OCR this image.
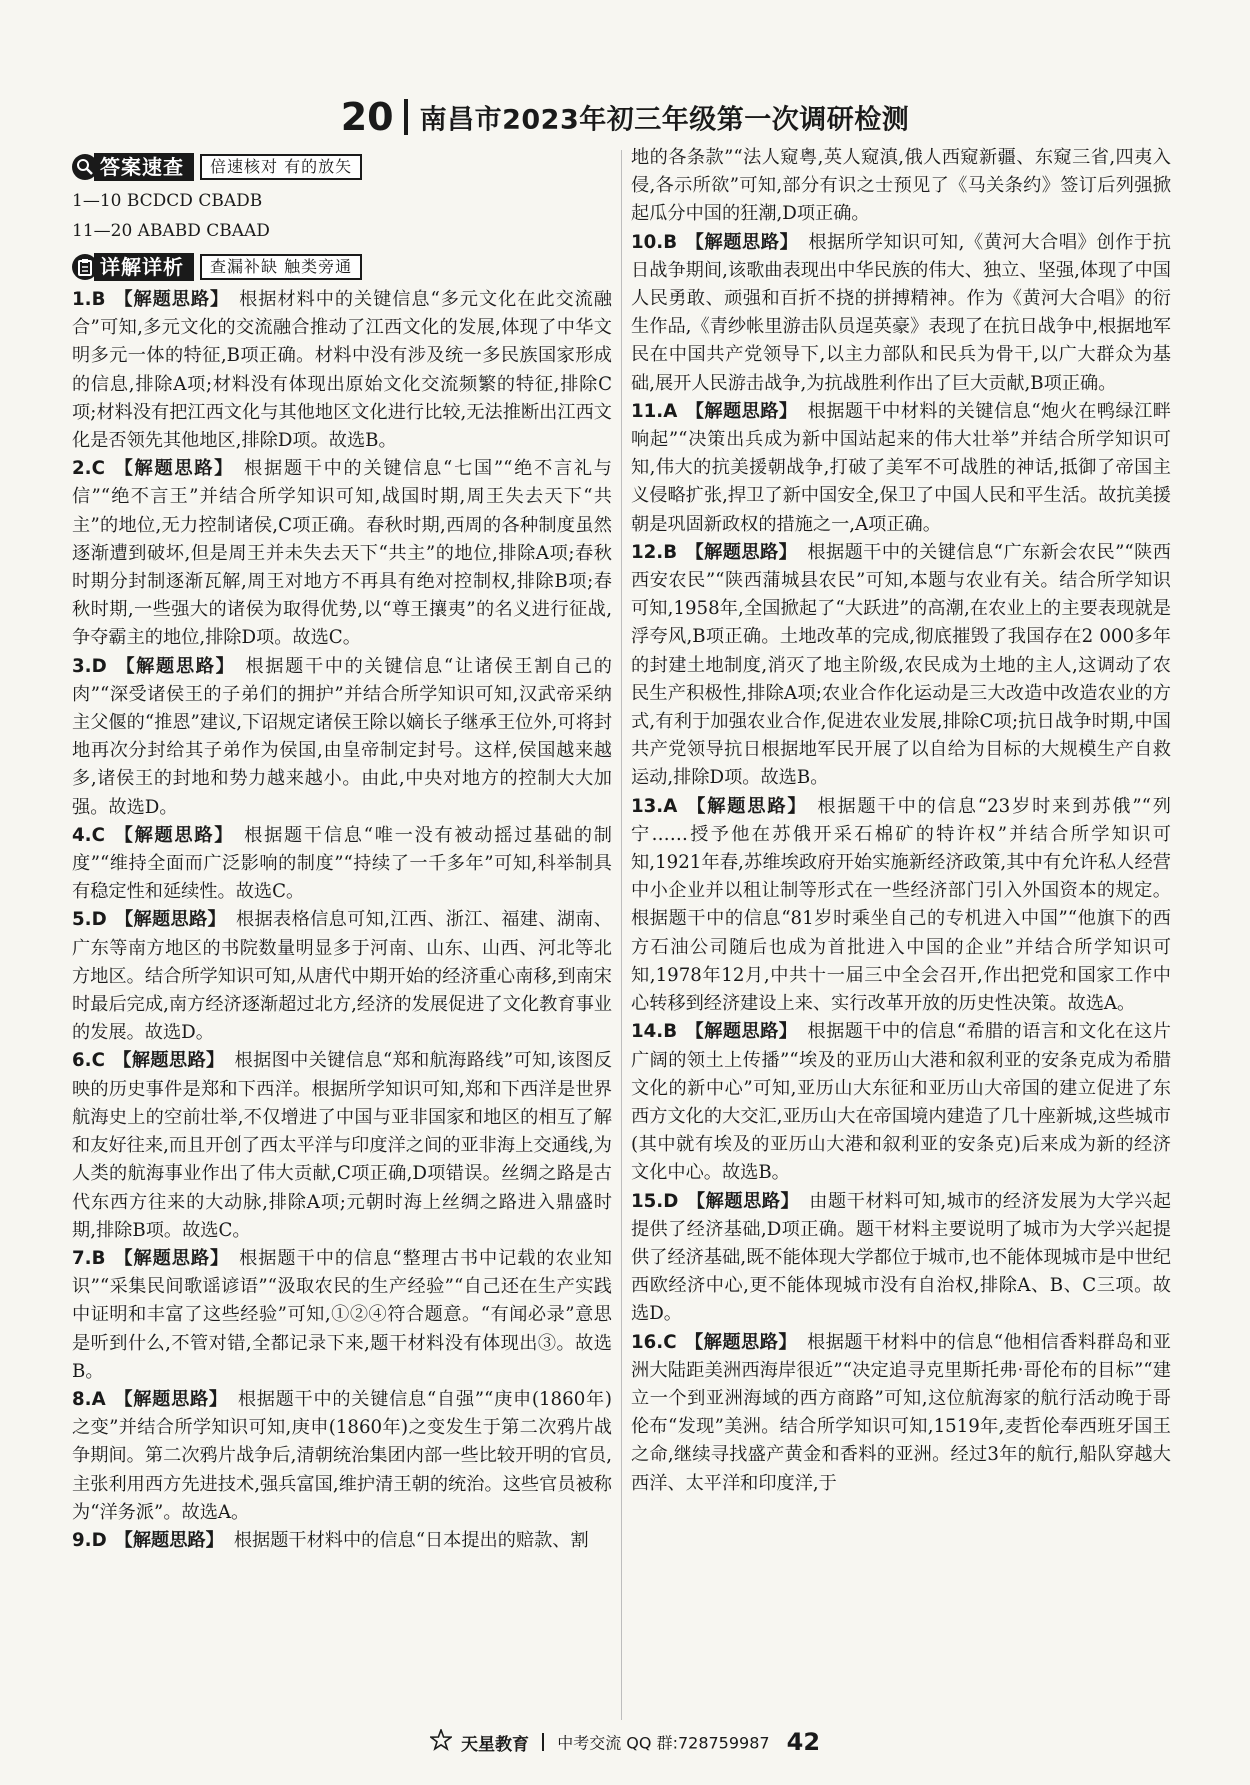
20 南昌市2023年初三年级第一次调研检测
答案速查	倍速核对 有的放矢

1—10 BCDCD CBADB

11—20 ABABD CBAAD

详解详析	查漏补缺 触类旁通

1.B 【解题思路】 根据材料中的关键信息“多元文化在此交流融合”可知,多元文化的交流融合推动了江西文化的发展,体现了中华文明多元一体的特征,B项正确。材料中没有涉及统一多民族国家形成的信息,排除A项;材料没有体现出原始文化交流频繁的特征,排除C项;材料没有把江西文化与其他地区文化进行比较,无法推断出江西文化是否领先其他地区,排除D项。故选B。

2.C 【解题思路】 根据题干中的关键信息“七国”“绝不言礼与信”“绝不言王”并结合所学知识可知,战国时期,周王失去天下“共主”的地位,无力控制诸侯,C项正确。春秋时期,西周的各种制度虽然逐渐遭到破坏,但是周王并未失去天下“共主”的地位,排除A项;春秋时期分封制逐渐瓦解,周王对地方不再具有绝对控制权,排除B项;春秋时期,一些强大的诸侯为取得优势,以“尊王攘夷”的名义进行征战,争夺霸主的地位,排除D项。故选C。

3.D 【解题思路】 根据题干中的关键信息“让诸侯王割自己的肉”“深受诸侯王的子弟们的拥护”并结合所学知识可知,汉武帝采纳主父偃的“推恩”建议,下诏规定诸侯王除以嫡长子继承王位外,可将封地再次分封给其子弟作为侯国,由皇帝制定封号。这样,侯国越来越多,诸侯王的封地和势力越来越小。由此,中央对地方的控制大大加强。故选D。

4.C 【解题思路】 根据题干信息“唯一没有被动摇过基础的制度”“维持全面而广泛影响的制度”“持续了一千多年”可知,科举制具有稳定性和延续性。故选C。

5.D 【解题思路】 根据表格信息可知,江西、浙江、福建、湖南、广东等南方地区的书院数量明显多于河南、山东、山西、河北等北方地区。结合所学知识可知,从唐代中期开始的经济重心南移,到南宋时最后完成,南方经济逐渐超过北方,经济的发展促进了文化教育事业的发展。故选D。

6.C 【解题思路】 根据图中关键信息“郑和航海路线”可知,该图反映的历史事件是郑和下西洋。根据所学知识可知,郑和下西洋是世界航海史上的空前壮举,不仅增进了中国与亚非国家和地区的相互了解和友好往来,而且开创了西太平洋与印度洋之间的亚非海上交通线,为人类的航海事业作出了伟大贡献,C项正确,D项错误。丝绸之路是古代东西方往来的大动脉,排除A项;元朝时海上丝绸之路进入鼎盛时期,排除B项。故选C。

7.B 【解题思路】 根据题干中的信息“整理古书中记载的农业知识”“采集民间歌谣谚语”“汲取农民的生产经验”“自己还在生产实践中证明和丰富了这些经验”可知,①②④符合题意。“有闻必录”意思是听到什么,不管对错,全都记录下来,题干材料没有体现出③。故选B。

8.A 【解题思路】 根据题干中的关键信息“自强”“庚申(1860年)之变”并结合所学知识可知,庚申(1860年)之变发生于第二次鸦片战争期间。第二次鸦片战争后,清朝统治集团内部一些比较开明的官员,主张利用西方先进技术,强兵富国,维护清王朝的统治。这些官员被称为“洋务派”。故选A。

9.D 【解题思路】 根据题干材料中的信息“日本提出的赔款、割

地的各条款”“法人窥粤,英人窥滇,俄人西窥新疆、东窥三省,四夷入侵,各示所欲”可知,部分有识之士预见了《马关条约》签订后列强掀起瓜分中国的狂潮,D项正确。

10.B 【解题思路】 根据所学知识可知,《黄河大合唱》创作于抗日战争期间,该歌曲表现出中华民族的伟大、独立、坚强,体现了中国人民勇敢、顽强和百折不挠的拼搏精神。作为《黄河大合唱》的衍生作品,《青纱帐里游击队员逞英豪》表现了在抗日战争中,根据地军民在中国共产党领导下,以主力部队和民兵为骨干,以广大群众为基础,展开人民游击战争,为抗战胜利作出了巨大贡献,B项正确。

11.A 【解题思路】 根据题干中材料的关键信息“炮火在鸭绿江畔响起”“决策出兵成为新中国站起来的伟大壮举”并结合所学知识可知,伟大的抗美援朝战争,打破了美军不可战胜的神话,抵御了帝国主义侵略扩张,捍卫了新中国安全,保卫了中国人民和平生活。故抗美援朝是巩固新政权的措施之一,A项正确。

12.B 【解题思路】 根据题干中的关键信息“广东新会农民”“陕西西安农民”“陕西蒲城县农民”可知,本题与农业有关。结合所学知识可知,1958年,全国掀起了“大跃进”的高潮,在农业上的主要表现就是浮夸风,B项正确。土地改革的完成,彻底摧毁了我国存在2 000多年的封建土地制度,消灭了地主阶级,农民成为土地的主人,这调动了农民生产积极性,排除A项;农业合作化运动是三大改造中改造农业的方式,有利于加强农业合作,促进农业发展,排除C项;抗日战争时期,中国共产党领导抗日根据地军民开展了以自给为目标的大规模生产自救运动,排除D项。故选B。

13.A 【解题思路】 根据题干中的信息“23岁时来到苏俄”“列宁……授予他在苏俄开采石棉矿的特许权”并结合所学知识可知,1921年春,苏维埃政府开始实施新经济政策,其中有允许私人经营中小企业并以租让制等形式在一些经济部门引入外国资本的规定。根据题干中的信息“81岁时乘坐自己的专机进入中国”“他旗下的西方石油公司随后也成为首批进入中国的企业”并结合所学知识可知,1978年12月,中共十一届三中全会召开,作出把党和国家工作中心转移到经济建设上来、实行改革开放的历史性决策。故选A。

14.B 【解题思路】 根据题干中的信息“希腊的语言和文化在这片广阔的领土上传播”“埃及的亚历山大港和叙利亚的安条克成为希腊文化的新中心”可知,亚历山大东征和亚历山大帝国的建立促进了东西方文化的大交汇,亚历山大在帝国境内建造了几十座新城,这些城市(其中就有埃及的亚历山大港和叙利亚的安条克)后来成为新的经济文化中心。故选B。

15.D 【解题思路】 由题干材料可知,城市的经济发展为大学兴起提供了经济基础,D项正确。题干材料主要说明了城市为大学兴起提供了经济基础,既不能体现大学都位于城市,也不能体现城市是中世纪西欧经济中心,更不能体现城市没有自治权,排除A、B、C三项。故选D。

16.C 【解题思路】 根据题干材料中的信息“他相信香料群岛和亚洲大陆距美洲西海岸很近”“决定追寻克里斯托弗·哥伦布的目标”“建立一个到亚洲海域的西方商路”可知,这位航海家的航行活动晚于哥伦布“发现”美洲。结合所学知识可知,1519年,麦哲伦奉西班牙国王之命,继续寻找盛产黄金和香料的亚洲。经过3年的航行,船队穿越大西洋、太平洋和印度洋,于

天星教育 中考交流 QQ 群:728759987 42
